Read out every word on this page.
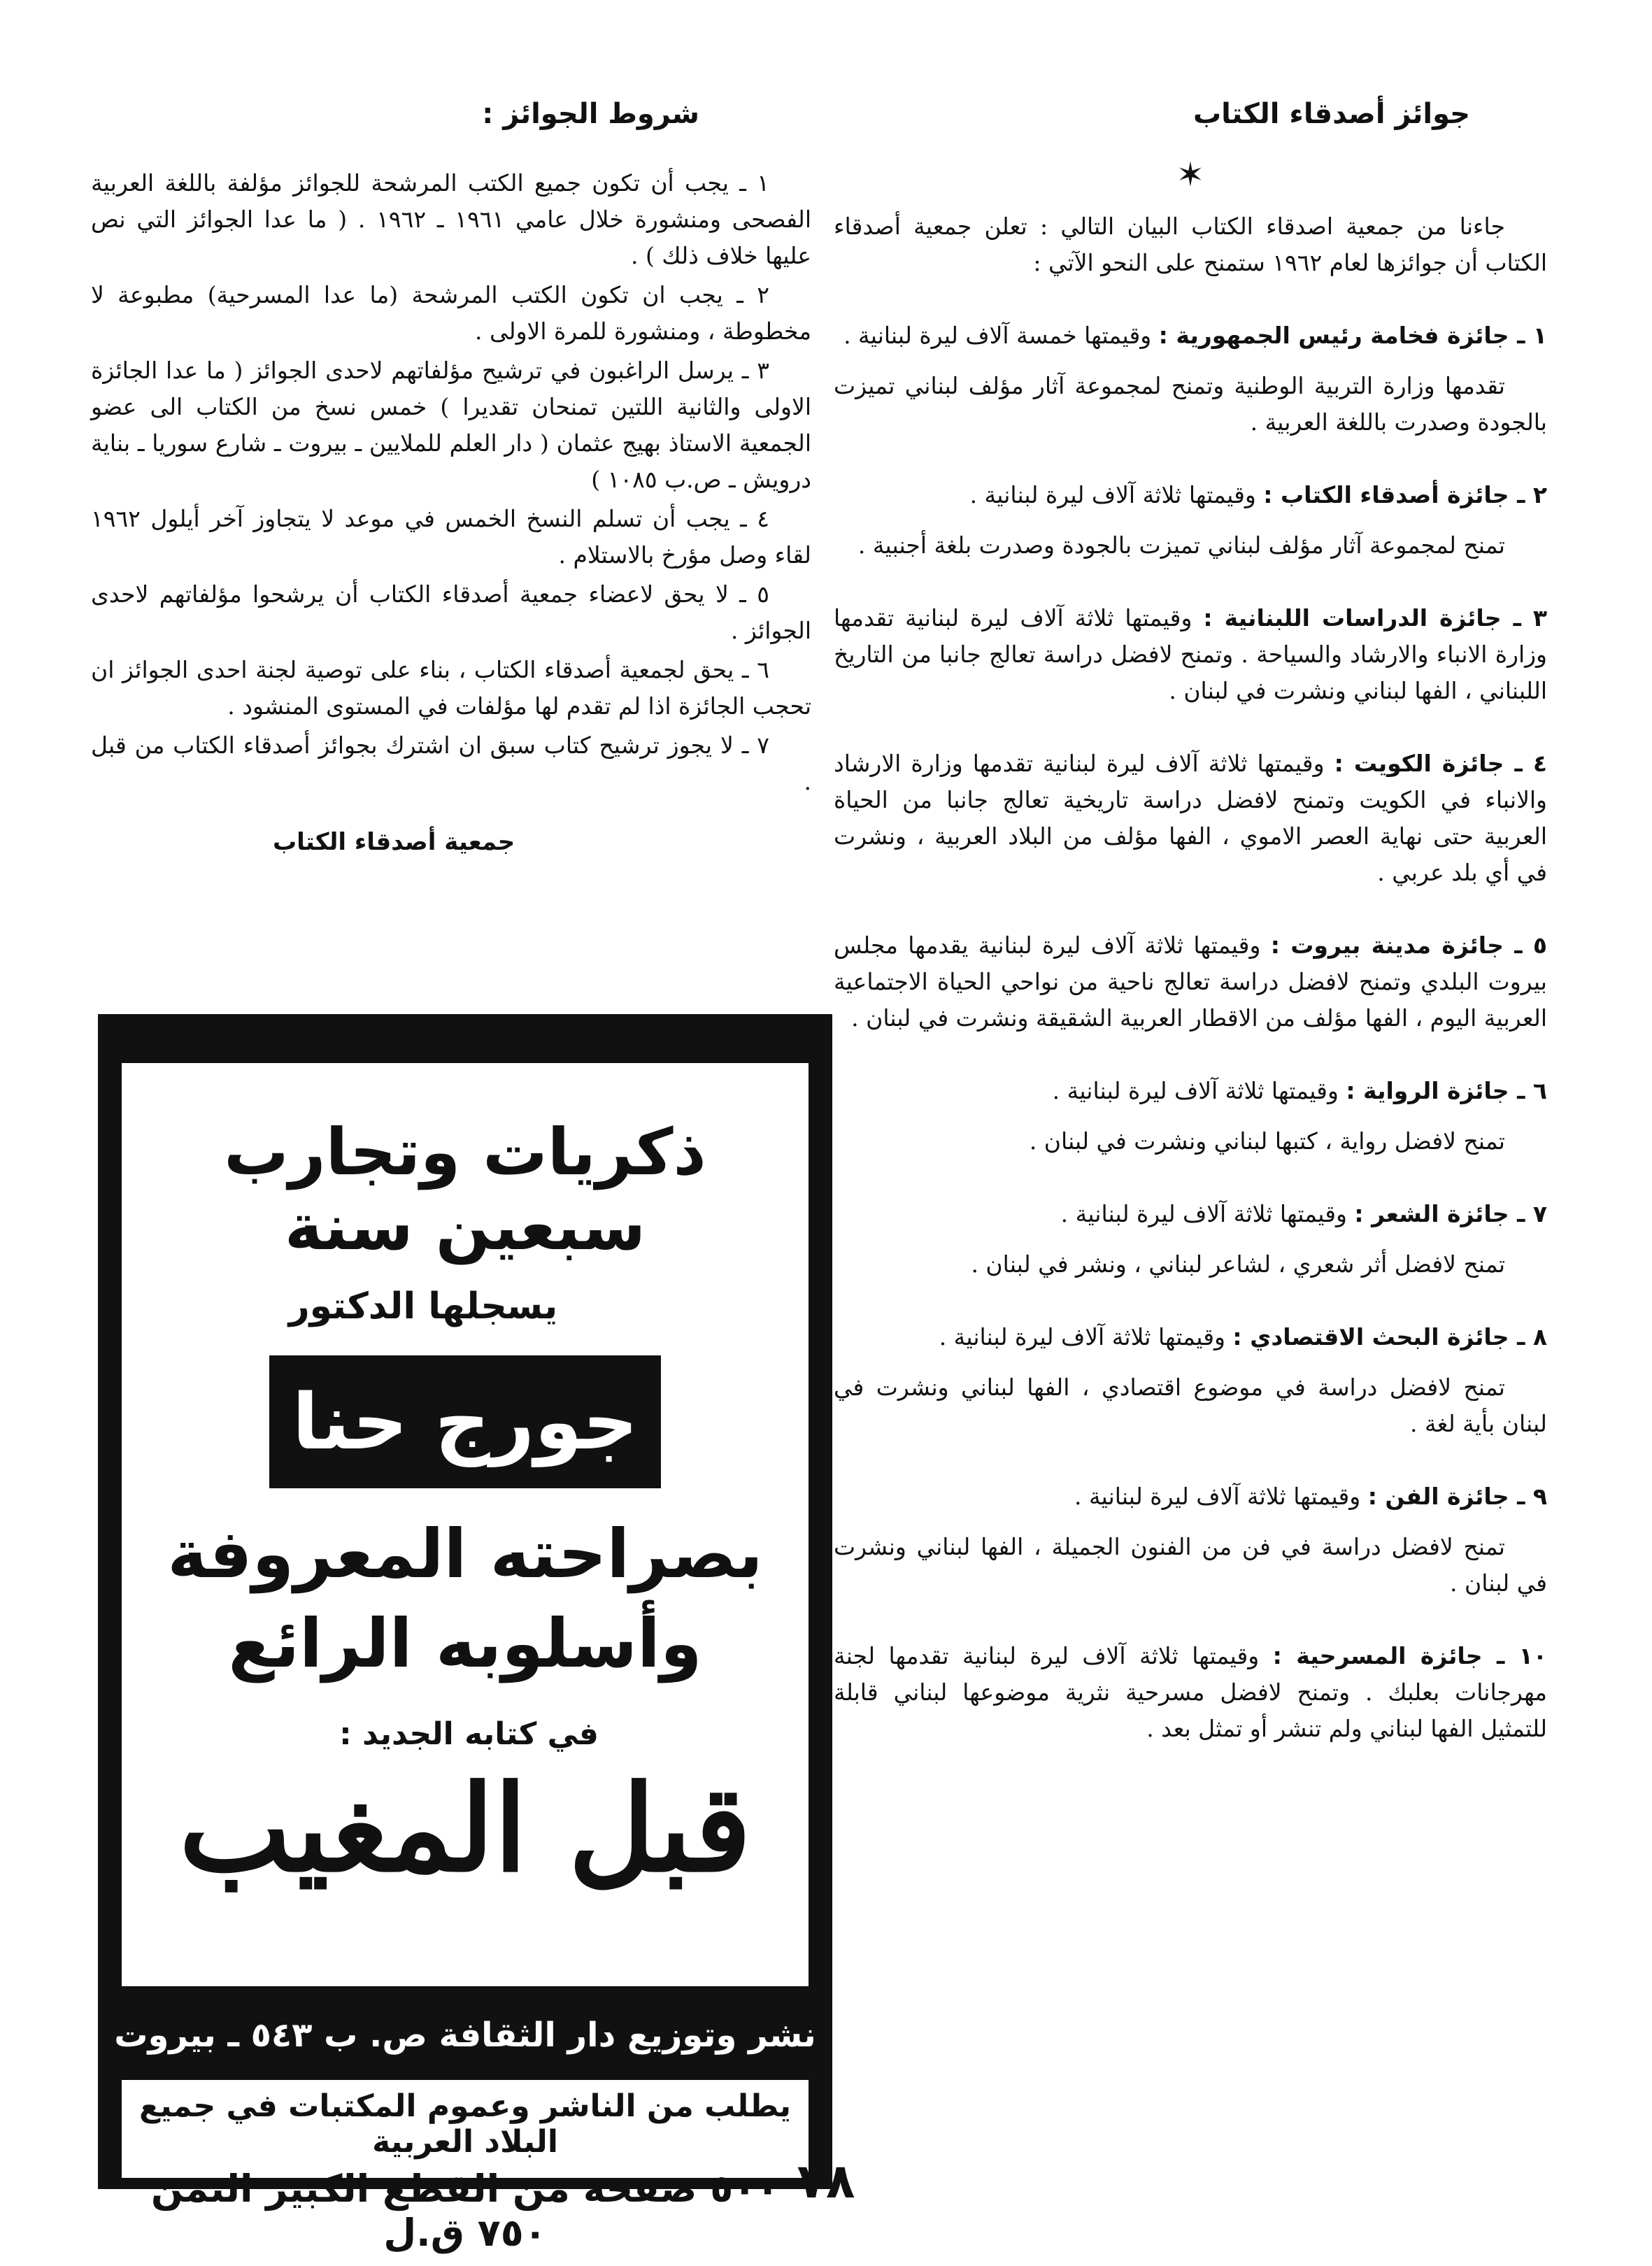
جوائز أصدقاء الكتاب
✶

جاءنا من جمعية اصدقاء الكتاب البيان التالي : تعلن جمعية أصدقاء الكتاب أن جوائزها لعام ١٩٦٢ ستمنح على النحو الآتي :

١ ـ جائزة فخامة رئيس الجمهورية : وقيمتها خمسة آلاف ليرة لبنانية .

تقدمها وزارة التربية الوطنية وتمنح لمجموعة آثار مؤلف لبناني تميزت بالجودة وصدرت باللغة العربية .

٢ ـ جائزة أصدقاء الكتاب : وقيمتها ثلاثة آلاف ليرة لبنانية .

تمنح لمجموعة آثار مؤلف لبناني تميزت بالجودة وصدرت بلغة أجنبية .

٣ ـ جائزة الدراسات اللبنانية : وقيمتها ثلاثة آلاف ليرة لبنانية تقدمها وزارة الانباء والارشاد والسياحة . وتمنح لافضل دراسة تعالج جانبا من التاريخ اللبناني ، الفها لبناني ونشرت في لبنان .

٤ ـ جائزة الكويت : وقيمتها ثلاثة آلاف ليرة لبنانية تقدمها وزارة الارشاد والانباء في الكويت وتمنح لافضل دراسة تاريخية تعالج جانبا من الحياة العربية حتى نهاية العصر الاموي ، الفها مؤلف من البلاد العربية ، ونشرت في أي بلد عربي .

٥ ـ جائزة مدينة بيروت : وقيمتها ثلاثة آلاف ليرة لبنانية يقدمها مجلس بيروت البلدي وتمنح لافضل دراسة تعالج ناحية من نواحي الحياة الاجتماعية العربية اليوم ، الفها مؤلف من الاقطار العربية الشقيقة ونشرت في لبنان .

٦ ـ جائزة الرواية : وقيمتها ثلاثة آلاف ليرة لبنانية .

تمنح لافضل رواية ، كتبها لبناني ونشرت في لبنان .

٧ ـ جائزة الشعر : وقيمتها ثلاثة آلاف ليرة لبنانية .

تمنح لافضل أثر شعري ، لشاعر لبناني ، ونشر في لبنان .

٨ ـ جائزة البحث الاقتصادي : وقيمتها ثلاثة آلاف ليرة لبنانية .

تمنح لافضل دراسة في موضوع اقتصادي ، الفها لبناني ونشرت في لبنان بأية لغة .

٩ ـ جائزة الفن : وقيمتها ثلاثة آلاف ليرة لبنانية .

تمنح لافضل دراسة في فن من الفنون الجميلة ، الفها لبناني ونشرت في لبنان .

١٠ ـ جائزة المسرحية : وقيمتها ثلاثة آلاف ليرة لبنانية تقدمها لجنة مهرجانات بعلبك . وتمنح لافضل مسرحية نثرية موضوعها لبناني قابلة للتمثيل الفها لبناني ولم تنشر أو تمثل بعد .

شروط الجوائز :

١ ـ يجب أن تكون جميع الكتب المرشحة للجوائز مؤلفة باللغة العربية الفصحى ومنشورة خلال عامي ١٩٦١ ـ ١٩٦٢ . ( ما عدا الجوائز التي نص عليها خلاف ذلك ) .

٢ ـ يجب ان تكون الكتب المرشحة (ما عدا المسرحية) مطبوعة لا مخطوطة ، ومنشورة للمرة الاولى .

٣ ـ يرسل الراغبون في ترشيح مؤلفاتهم لاحدى الجوائز ( ما عدا الجائزة الاولى والثانية اللتين تمنحان تقديرا ) خمس نسخ من الكتاب الى عضو الجمعية الاستاذ بهيج عثمان ( دار العلم للملايين ـ بيروت ـ شارع سوريا ـ بناية درويش ـ ص.ب ١٠٨٥ )

٤ ـ يجب أن تسلم النسخ الخمس في موعد لا يتجاوز آخر أيلول ١٩٦٢ لقاء وصل مؤرخ بالاستلام .

٥ ـ لا يحق لاعضاء جمعية أصدقاء الكتاب أن يرشحوا مؤلفاتهم لاحدى الجوائز .

٦ ـ يحق لجمعية أصدقاء الكتاب ، بناء على توصية لجنة احدى الجوائز ان تحجب الجائزة اذا لم تقدم لها مؤلفات في المستوى المنشود .

٧ ـ لا يجوز ترشيح كتاب سبق ان اشترك بجوائز أصدقاء الكتاب من قبل .

جمعية أصدقاء الكتاب

ذكريات وتجارب سبعين سنة

يسجلها الدكتور

جورج حنا

بصراحته المعروفة

وأسلوبه الرائع

في كتابه الجديد :

قبل المغيب

نشر وتوزيع دار الثقافة ص. ب ٥٤٣ ـ بيروت
يطلب من الناشر وعموم المكتبات في جميع البلاد العربية
٥٠٠ صفحة من القطع الكبير الثمن ٧٥٠ ق.ل
٧٨
